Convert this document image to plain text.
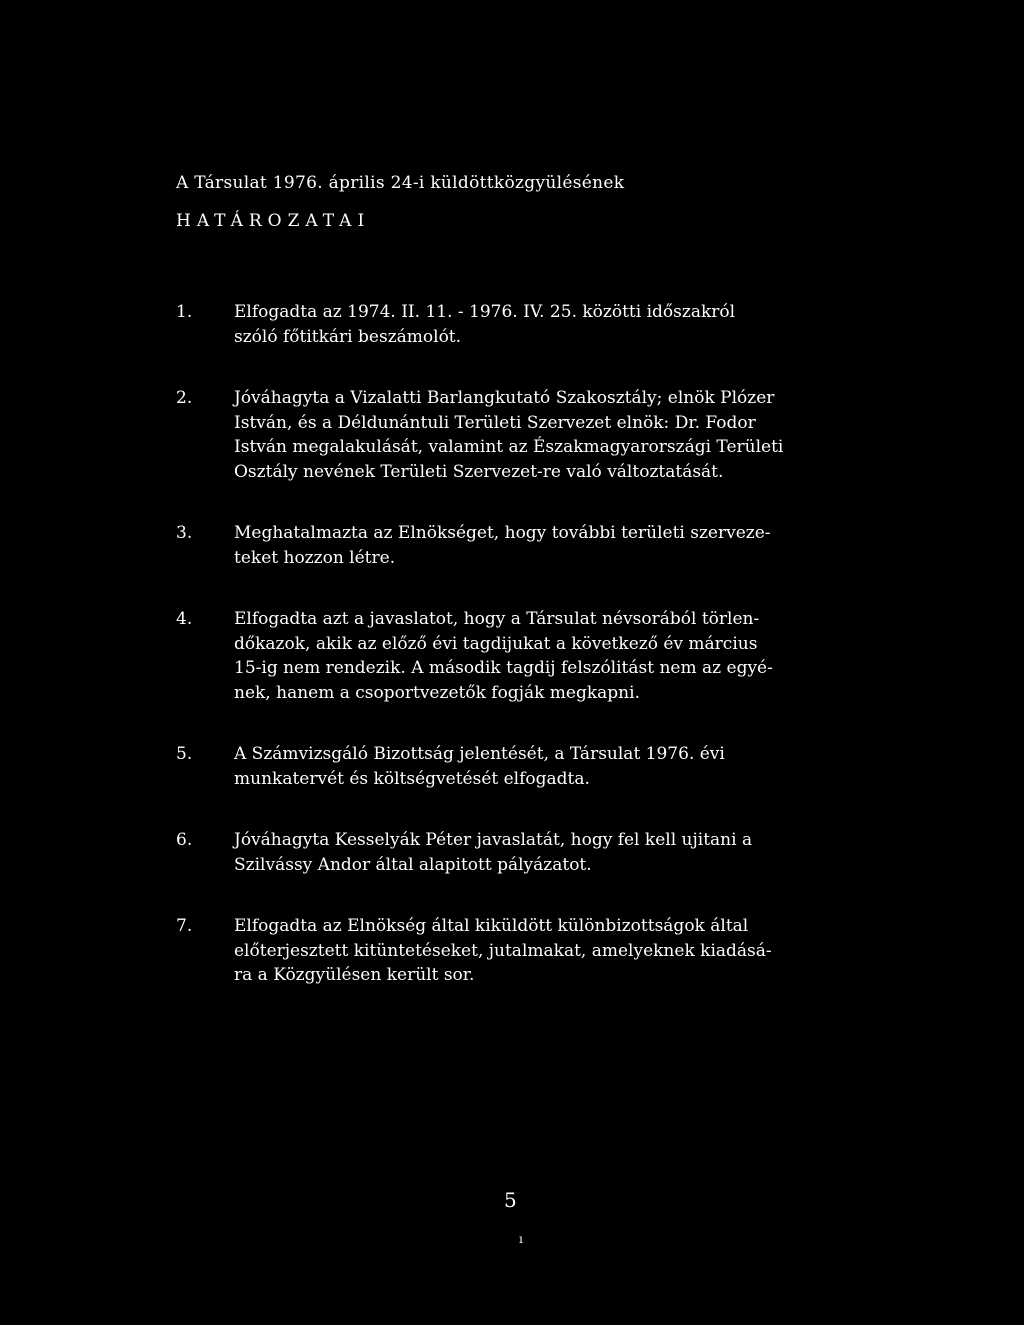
A Társulat 1976. április 24-i küldöttközgyülésének
HATÁROZATAI
1. Elfogadta az 1974. II. 11. - 1976. IV. 25. közötti időszakról
szóló főtitkári beszámolót.
2. Jóváhagyta a Vizalatti Barlangkutató Szakosztály; elnök Plózer
István, és a Déldunántuli Területi Szervezet elnök: Dr. Fodor
István megalakulását, valamint az Északmagyarországi Területi
Osztály nevének Területi Szervezet-re való változtatását.
3. Meghatalmazta az Elnökséget, hogy további területi szerveze-
teket hozzon létre.
4. Elfogadta azt a javaslatot, hogy a Társulat névsorából törlen-
dőkazok, akik az előző évi tagdijukat a következő év március
15-ig nem rendezik. A második tagdij felszólitást nem az egyé-
nek, hanem a csoportvezetők fogják megkapni.
5. A Számvizsgáló Bizottság jelentését, a Társulat 1976. évi
munkatervét és költségvetését elfogadta.
6. Jóváhagyta Kesselyák Péter javaslatát, hogy fel kell ujitani a
Szilvássy Andor által alapitott pályázatot.
7. Elfogadta az Elnökség által kiküldött különbizottságok által
előterjesztett kitüntetéseket, jutalmakat, amelyeknek kiadásá-
ra a Közgyülésen került sor.
5
ı
